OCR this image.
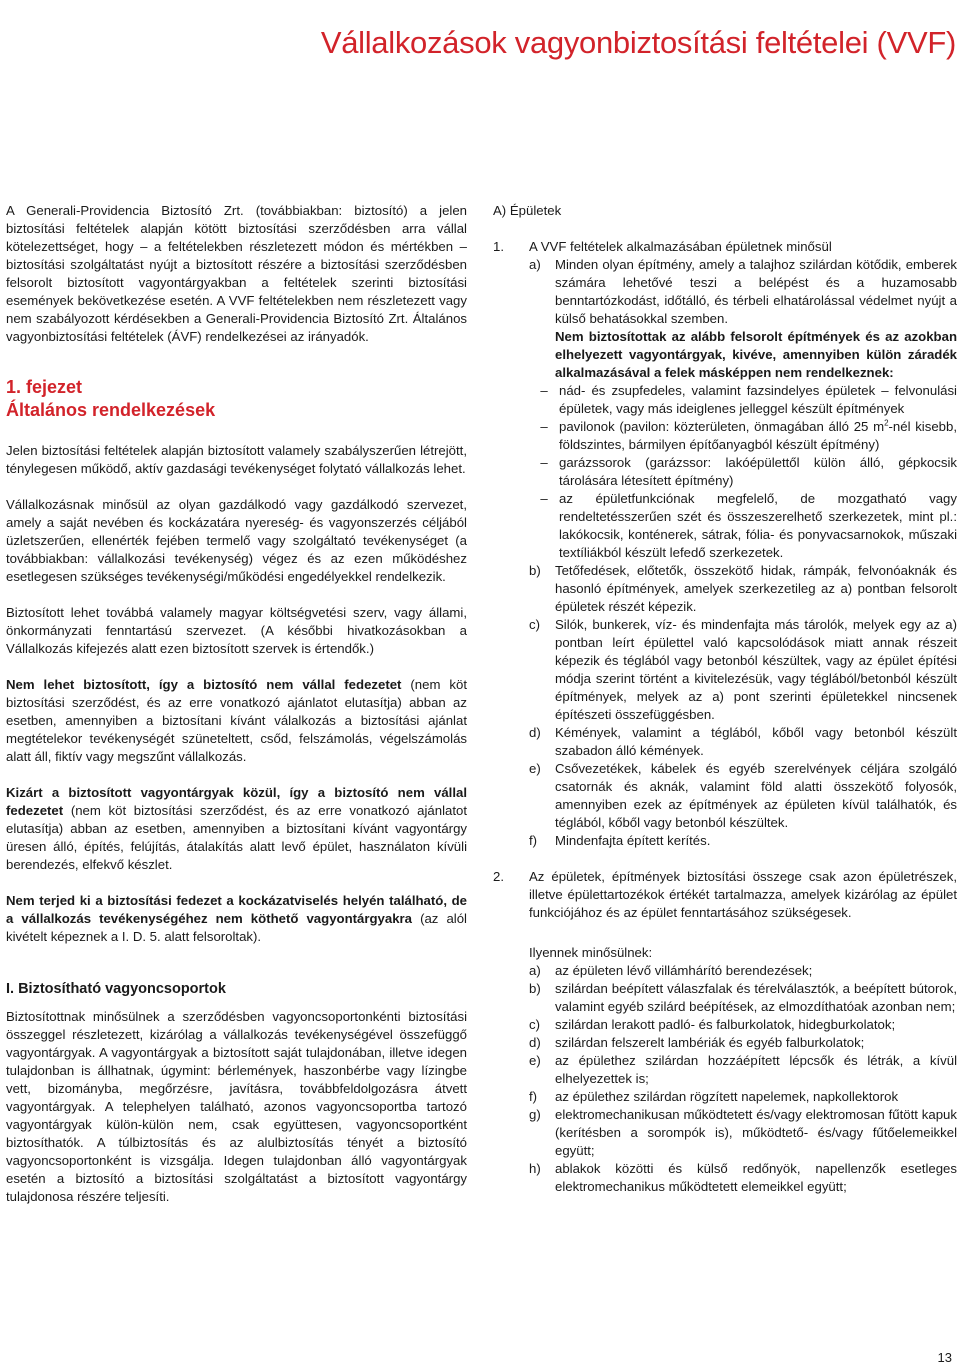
Vállalkozások vagyonbiztosítási feltételei (VVF)

A Generali-Providencia Biztosító Zrt. (továbbiakban: biztosító) a jelen biztosítási feltételek alapján kötött biztosítási szerződésben arra vállal kötelezettséget, hogy – a feltételekben részletezett módon és mértékben – biztosítási szolgáltatást nyújt a biztosított részére a biztosítási szerződésben felsorolt biztosított vagyontárgyakban a feltételek szerinti biztosítási események bekövetkezése esetén. A VVF feltételekben nem részletezett vagy nem szabályozott kérdésekben a Generali-Providencia Biztosító Zrt. Általános vagyonbiztosítási feltételek (ÁVF) rendelkezései az irányadók.

1. fejezet
Általános rendelkezések

Jelen biztosítási feltételek alapján biztosított valamely szabályszerűen létrejött, ténylegesen működő, aktív gazdasági tevékenységet folytató vállalkozás lehet.

Vállalkozásnak minősül az olyan gazdálkodó vagy gazdálkodó szervezet, amely a saját nevében és kockázatára nyereség- és vagyonszerzés céljából üzletszerűen, ellenérték fejében termelő vagy szolgáltató tevékenységet (a továbbiakban: vállalkozási tevékenység) végez és az ezen működéshez esetlegesen szükséges tevékenységi/működési engedélyekkel rendelkezik.

Biztosított lehet továbbá valamely magyar költségvetési szerv, vagy állami, önkormányzati fenntartású szervezet. (A későbbi hivatkozásokban a Vállalkozás kifejezés alatt ezen biztosított szervek is értendők.)

Nem lehet biztosított, így a biztosító nem vállal fedezetet (nem köt biztosítási szerződést, és az erre vonatkozó ajánlatot elutasítja) abban az esetben, amennyiben a biztosítani kívánt válalkozás a biztosítási ajánlat megtételekor tevékenységét szüneteltett, csőd, felszámolás, végelszámolás alatt áll, fiktív vagy megszűnt vállalkozás.

Kizárt a biztosított vagyontárgyak közül, így a biztosító nem vállal fedezetet (nem köt biztosítási szerződést, és az erre vonatkozó ajánlatot elutasítja) abban az esetben, amennyiben a biztosítani kívánt vagyontárgy üresen álló, építés, felújítás, átalakítás alatt levő épület, használaton kívüli berendezés, elfekvő készlet.

Nem terjed ki a biztosítási fedezet a kockázatviselés helyén található, de a vállalkozás tevékenységéhez nem köthető vagyontárgyakra (az alól kivételt képeznek a I. D. 5. alatt felsoroltak).

I. Biztosítható vagyoncsoportok

Biztosítottnak minősülnek a szerződésben vagyoncsoportonkénti biztosítási összeggel részletezett, kizárólag a vállalkozás tevékenységével összefüggő vagyontárgyak. A vagyontárgyak a biztosított saját tulajdonában, illetve idegen tulajdonban is állhatnak, úgymint: bérlemények, haszonbérbe vagy lízingbe vett, bizományba, megőrzésre, javításra, továbbfeldolgozásra átvett vagyontárgyak. A telephelyen található, azonos vagyoncsoportba tartozó vagyontárgyak külön-külön nem, csak együttesen, vagyoncsoportként biztosíthatók. A túlbiztosítás és az alulbiztosítás tényét a biztosító vagyoncsoportonként is vizsgálja. Idegen tulajdonban álló vagyontárgyak esetén a biztosító a biztosítási szolgáltatást a biztosított vagyontárgy tulajdonosa részére teljesíti.

A) Épületek

1.	A VVF feltételek alkalmazásában épületnek minősül
a)	Minden olyan építmény, amely a talajhoz szilárdan kötődik, emberek számára lehetővé teszi a belépést és a huzamosabb benntartózkodást, időtálló, és térbeli elhatárolással védelmet nyújt a külső behatásokkal szemben.

Nem biztosítottak az alább felsorolt építmények és az azokban elhelyezett vagyontárgyak, kivéve, amennyiben külön záradék alkalmazásával a felek másképpen nem rendelkeznek:

– nád- és zsupfedeles, valamint fazsindelyes épületek – felvonulási épületek, vagy más ideiglenes jelleggel készült építmények
– pavilonok (pavilon: közterületen, önmagában álló 25 $m^2$-nél kisebb, földszintes, bármilyen építőanyagból készült építmény)
– garázssorok (garázssor: lakóépülettől külön álló, gépkocsik tárolására létesített építmény)
– az épületfunkciónak megfelelő, de mozgatható vagy rendeltetésszerűen szét és összeszerelhető szerkezetek, mint pl.: lakókocsik, konténerek, sátrak, fólia- és ponyvacsarnokok, műszaki textíliákból készült lefedő szerkezetek.
b)	Tetőfedések, előtetők, összekötő hidak, rámpák, felvonóaknák és hasonló építmények, amelyek szerkezetileg az a) pontban felsorolt épületek részét képezik.
c)	Silók, bunkerek, víz- és mindenfajta más tárolók, melyek egy az a) pontban leírt épülettel való kapcsolódások miatt annak részeit képezik és téglából vagy betonból készültek, vagy az épület építési módja szerint történt a kivitelezésük, vagy téglából/betonból készült építmények, melyek az a) pont szerinti épületekkel nincsenek építészeti összefüggésben.
d)	Kémények, valamint a téglából, kőből vagy betonból készült szabadon álló kémények.
e)	Csővezetékek, kábelek és egyéb szerelvények céljára szolgáló csatornák és aknák, valamint föld alatti összekötő folyosók, amennyiben ezek az építmények az épületen kívül találhatók, és téglából, kőből vagy betonból készültek.
f)	Mindenfajta épített kerítés.
2.	Az épületek, építmények biztosítási összege csak azon épületrészek, illetve épülettartozékok értékét tartalmazza, amelyek kizárólag az épület funkciójához és az épület fenntartásához szükségesek.

Ilyennek minősülnek:

a)	az épületen lévő villámhárító berendezések;
b)	szilárdan beépített válaszfalak és térelválasztók, a beépített bútorok, valamint egyéb szilárd beépítések, az elmozdíthatóak azonban nem;
c)	szilárdan lerakott padló- és falburkolatok, hidegburkolatok;
d)	szilárdan felszerelt lambériák és egyéb falburkolatok;
e)	az épülethez szilárdan hozzáépített lépcsők és létrák, a kívül elhelyezettek is;
f)	az épülethez szilárdan rögzített napelemek, napkollektorok
g)	elektromechanikusan működtetett és/vagy elektromosan fűtött kapuk (kerítésben a sorompók is), működtető- és/vagy fűtőelemeikkel együtt;
h)	ablakok közötti és külső redőnyök, napellenzők esetleges elektromechanikus működtetett elemeikkel együtt;
13
